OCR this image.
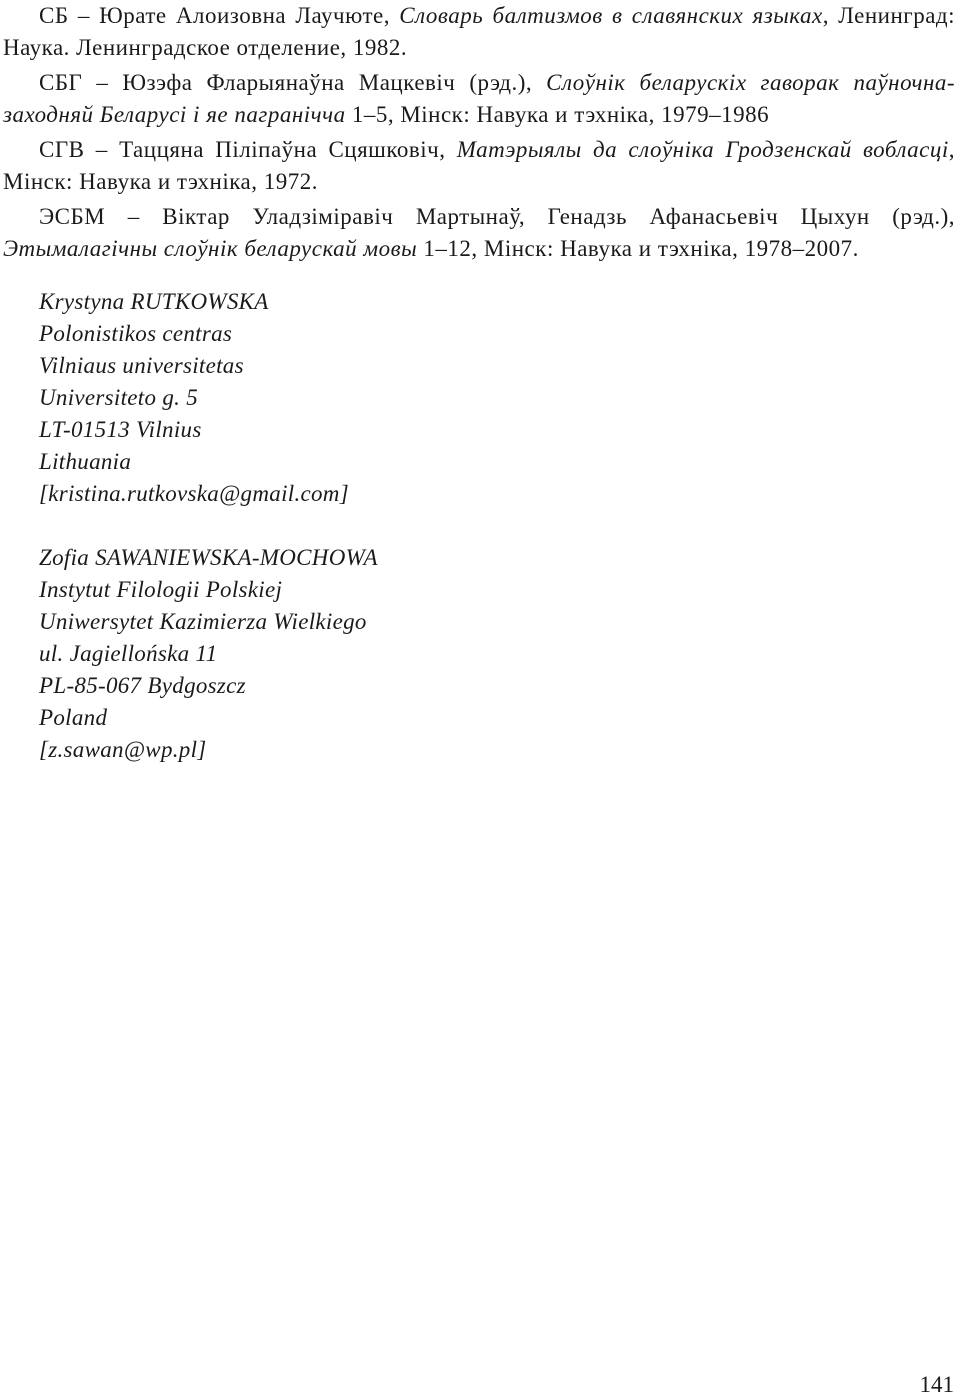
СБ – Юрате Алоизовна Лаучюте, Словарь балтизмов в славянских языках, Ленинград: Наука. Ленинградское отделение, 1982.

СБГ – Юзэфа Фларыянаўна Мацкевіч (рэд.), Слоўнік беларускіх гаворак паўночна-заходняй Беларусі і яе пагранічча 1–5, Мінск: Навука и тэхніка, 1979–1986

СГВ – Таццяна Піліпаўна Сцяшковіч, Матэрыялы да слоўніка Гродзенскай вобласці, Мінск: Навука и тэхніка, 1972.

ЭСБМ – Віктар Уладзіміравіч Мартынаў, Генадзь Афанасьевіч Цыхун (рэд.), Этымалагічны слоўнік беларускай мовы 1–12, Мінск: Навука и тэхніка, 1978–2007.

Krystyna RUTKOWSKA
Polonistikos centras
Vilniaus universitetas
Universiteto g. 5
LT-01513 Vilnius
Lithuania
[kristina.rutkovska@gmail.com]
Zofia SAWANIEWSKA-MOCHOWA
Instytut Filologii Polskiej
Uniwersytet Kazimierza Wielkiego
ul. Jagiellońska 11
PL-85-067 Bydgoszcz
Poland
[z.sawan@wp.pl]
141
